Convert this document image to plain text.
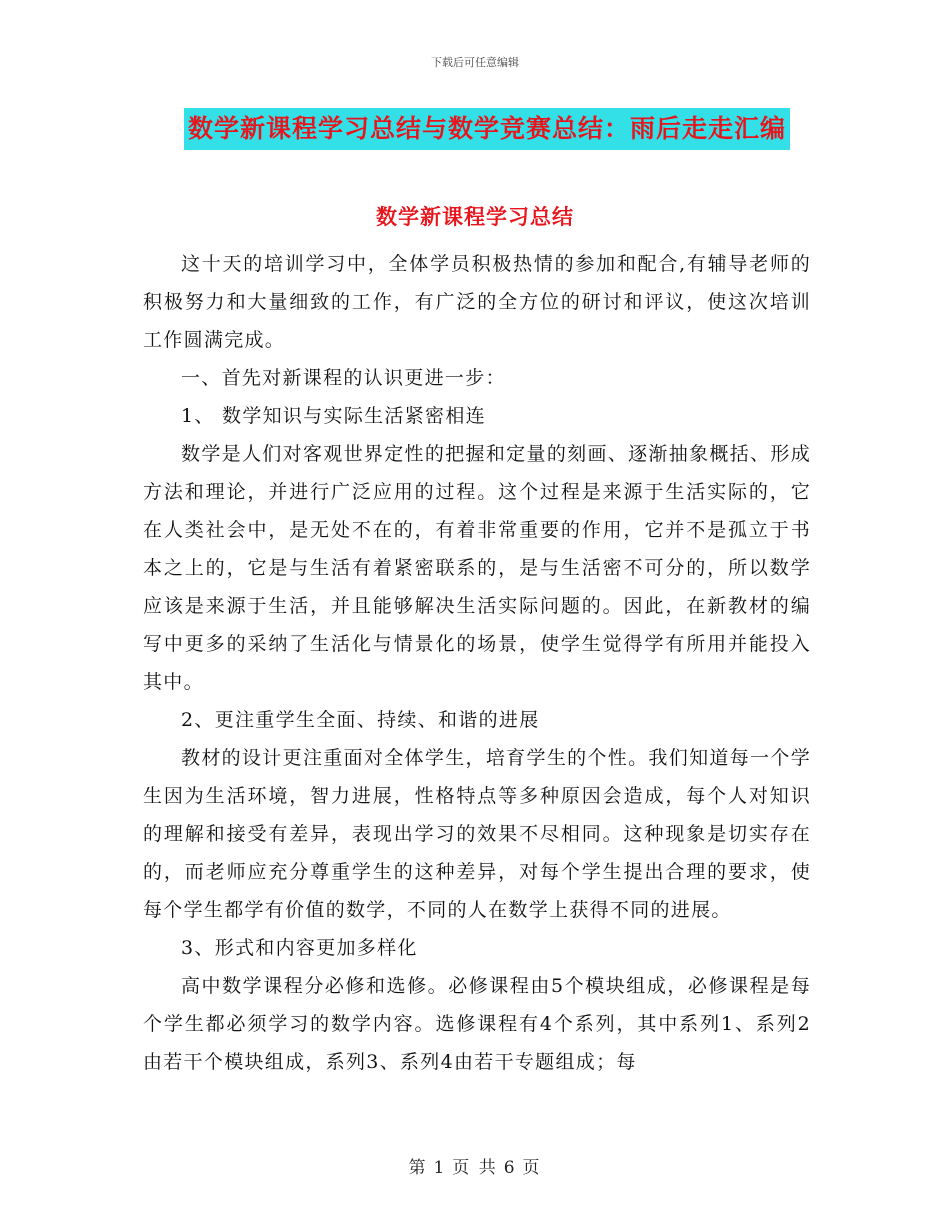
下载后可任意编辑
数学新课程学习总结与数学竞赛总结：雨后走走汇编
数学新课程学习总结

这十天的培训学习中，全体学员积极热情的参加和配合,有辅导老师的积极努力和大量细致的工作，有广泛的全方位的研讨和评议，使这次培训工作圆满完成。

一、首先对新课程的认识更进一步：

1、 数学知识与实际生活紧密相连

数学是人们对客观世界定性的把握和定量的刻画、逐渐抽象概括、形成方法和理论，并进行广泛应用的过程。这个过程是来源于生活实际的，它在人类社会中，是无处不在的，有着非常重要的作用，它并不是孤立于书本之上的，它是与生活有着紧密联系的，是与生活密不可分的，所以数学应该是来源于生活，并且能够解决生活实际问题的。因此，在新教材的编写中更多的采纳了生活化与情景化的场景，使学生觉得学有所用并能投入其中。

2、更注重学生全面、持续、和谐的进展

教材的设计更注重面对全体学生，培育学生的个性。我们知道每一个学生因为生活环境，智力进展，性格特点等多种原因会造成，每个人对知识的理解和接受有差异，表现出学习的效果不尽相同。这种现象是切实存在的，而老师应充分尊重学生的这种差异，对每个学生提出合理的要求，使每个学生都学有价值的数学，不同的人在数学上获得不同的进展。

3、形式和内容更加多样化

高中数学课程分必修和选修。必修课程由5个模块组成，必修课程是每个学生都必须学习的数学内容。选修课程有4个系列，其中系列1、系列2由若干个模块组成，系列3、系列4由若干专题组成；每

第 1 页 共 6 页
